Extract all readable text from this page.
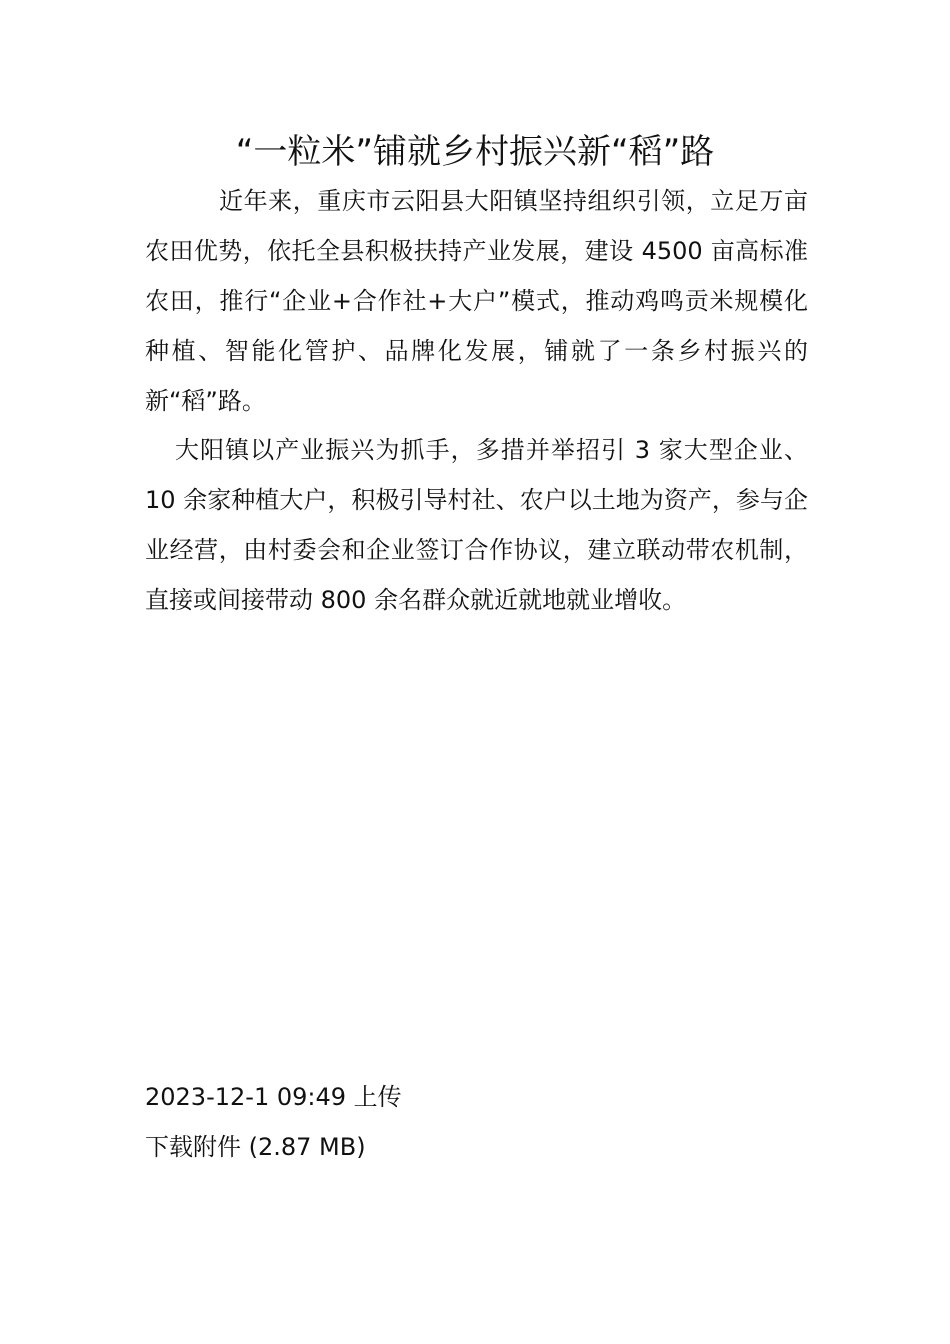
“一粒米”铺就乡村振兴新“稻”路

近年来，重庆市云阳县大阳镇坚持组织引领，立足万亩农田优势，依托全县积极扶持产业发展，建设 4500 亩高标准农田，推行“企业+合作社+大户”模式，推动鸡鸣贡米规模化种植、智能化管护、品牌化发展，铺就了一条乡村振兴的新“稻”路。

大阳镇以产业振兴为抓手，多措并举招引 3 家大型企业、10 余家种植大户，积极引导村社、农户以土地为资产，参与企业经营，由村委会和企业签订合作协议，建立联动带农机制，直接或间接带动 800 余名群众就近就地就业增收。

2023-12-1 09:49 上传
下载附件 (2.87 MB)
